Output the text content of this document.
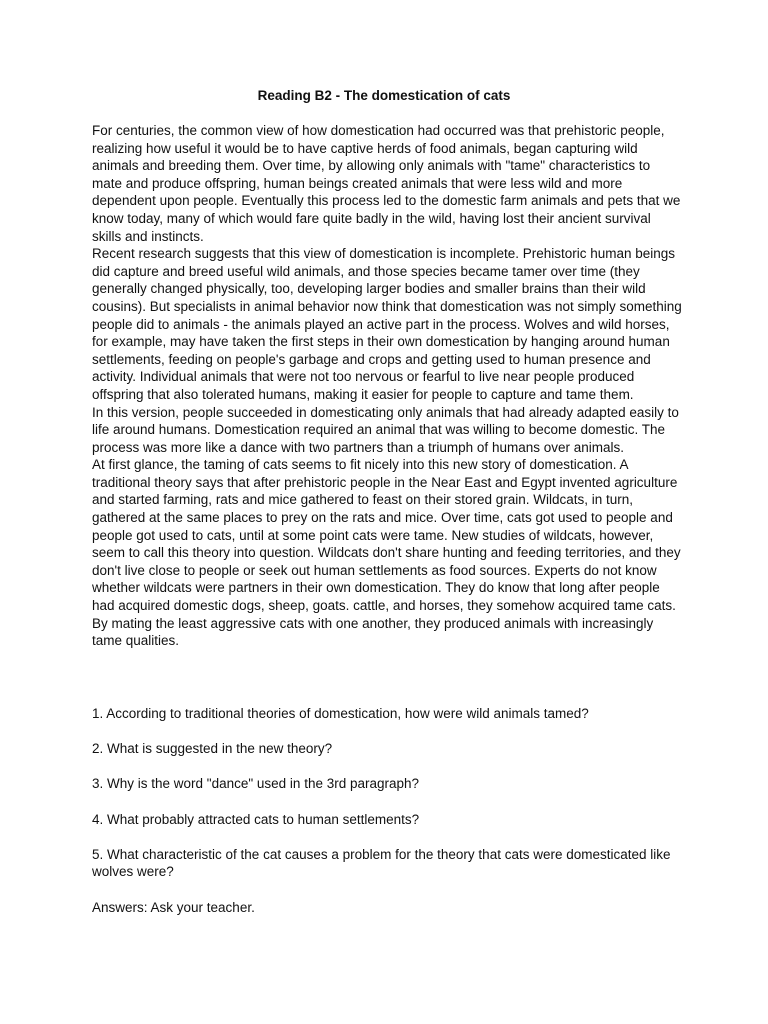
Reading B2 - The domestication of cats

For centuries, the common view of how domestication had occurred was that prehistoric people, realizing how useful it would be to have captive herds of food animals, began capturing wild animals and breeding them. Over time, by allowing only animals with "tame" characteristics to mate and produce offspring, human beings created animals that were less wild and more dependent upon people. Eventually this process led to the domestic farm animals and pets that we know today, many of which would fare quite badly in the wild, having lost their ancient survival skills and instincts.

Recent research suggests that this view of domestication is incomplete. Prehistoric human beings did capture and breed useful wild animals, and those species became tamer over time (they generally changed physically, too, developing larger bodies and smaller brains than their wild cousins). But specialists in animal behavior now think that domestication was not simply something people did to animals - the animals played an active part in the process. Wolves and wild horses, for example, may have taken the first steps in their own domestication by hanging around human settlements, feeding on people's garbage and crops and getting used to human presence and activity. Individual animals that were not too nervous or fearful to live near people produced offspring that also tolerated humans, making it easier for people to capture and tame them.

In this version, people succeeded in domesticating only animals that had already adapted easily to life around humans. Domestication required an animal that was willing to become domestic. The process was more like a dance with two partners than a triumph of humans over animals.

At first glance, the taming of cats seems to fit nicely into this new story of domestication. A traditional theory says that after prehistoric people in the Near East and Egypt invented agriculture and started farming, rats and mice gathered to feast on their stored grain. Wildcats, in turn, gathered at the same places to prey on the rats and mice. Over time, cats got used to people and people got used to cats, until at some point cats were tame. New studies of wildcats, however, seem to call this theory into question. Wildcats don't share hunting and feeding territories, and they don't live close to people or seek out human settlements as food sources. Experts do not know whether wildcats were partners in their own domestication. They do know that long after people had acquired domestic dogs, sheep, goats. cattle, and horses, they somehow acquired tame cats. By mating the least aggressive cats with one another, they produced animals with increasingly tame qualities.

1. According to traditional theories of domestication, how were wild animals tamed?

2. What is suggested in the new theory?

3. Why is the word "dance" used in the 3rd paragraph?

4. What probably attracted cats to human settlements?

5. What characteristic of the cat causes a problem for the theory that cats were domesticated like wolves were?

Answers: Ask your teacher.
